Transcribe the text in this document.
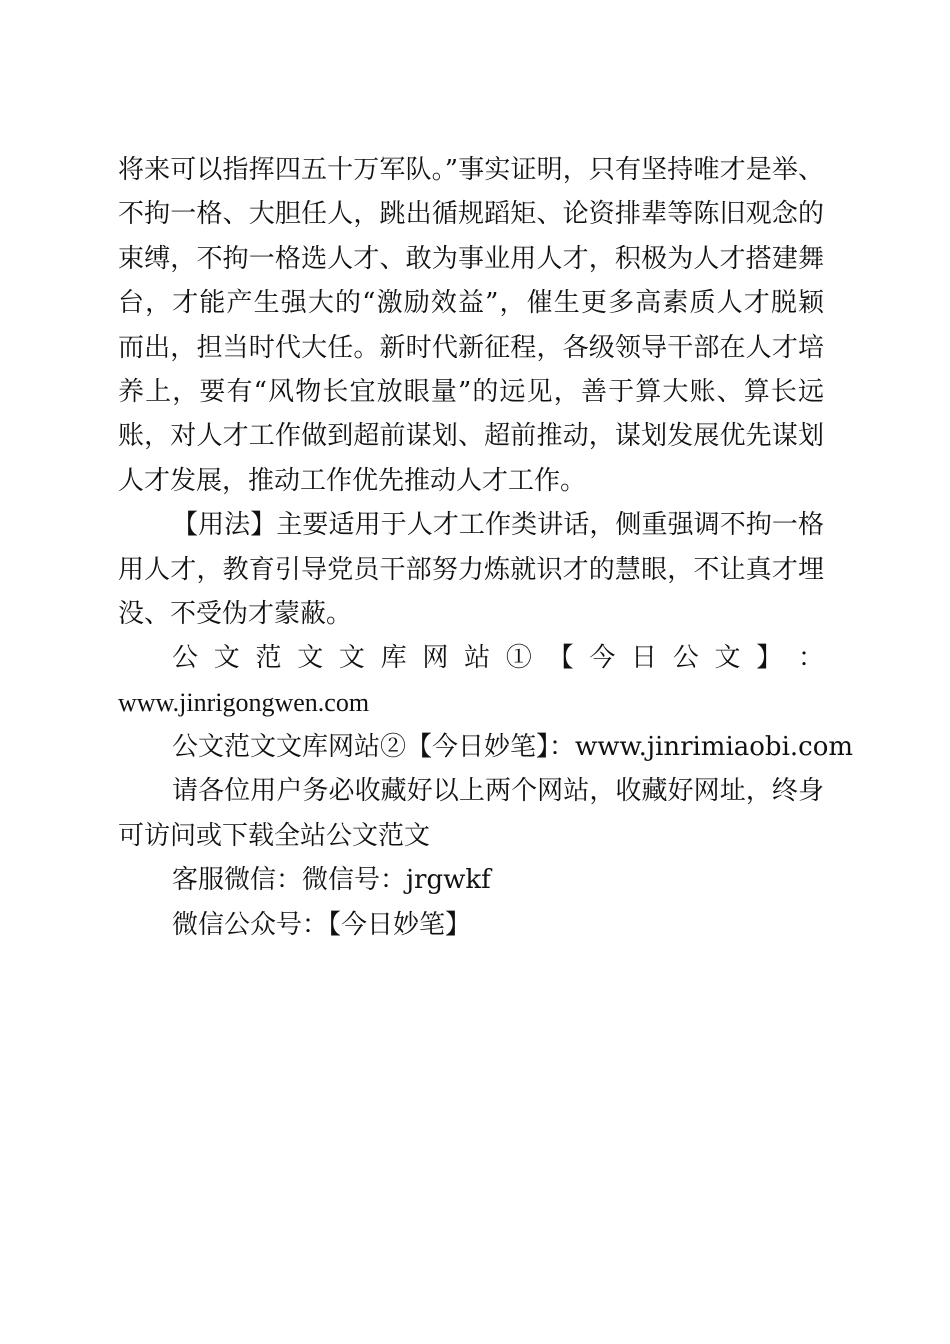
将来可以指挥四五十万军队。”事实证明，只有坚持唯才是举、
不拘一格、大胆任人，跳出循规蹈矩、论资排辈等陈旧观念的
束缚，不拘一格选人才、敢为事业用人才，积极为人才搭建舞
台，才能产生强大的“激励效益”，催生更多高素质人才脱颖
而出，担当时代大任。新时代新征程，各级领导干部在人才培
养上，要有“风物长宜放眼量”的远见，善于算大账、算长远
账，对人才工作做到超前谋划、超前推动，谋划发展优先谋划
人才发展，推动工作优先推动人才工作。
【用法】主要适用于人才工作类讲话，侧重强调不拘一格
用人才，教育引导党员干部努力炼就识才的慧眼，不让真才埋
没、不受伪才蒙蔽。
公 文 范 文 文 库 网 站 ① 【 今 日 公 文 】 ：
www.jinrigongwen.com
公文范文文库网站②【今日妙笔】：www.jinrimiaobi.com
请各位用户务必收藏好以上两个网站，收藏好网址，终身
可访问或下载全站公文范文
客服微信：微信号：jrgwkf
微信公众号：【今日妙笔】
